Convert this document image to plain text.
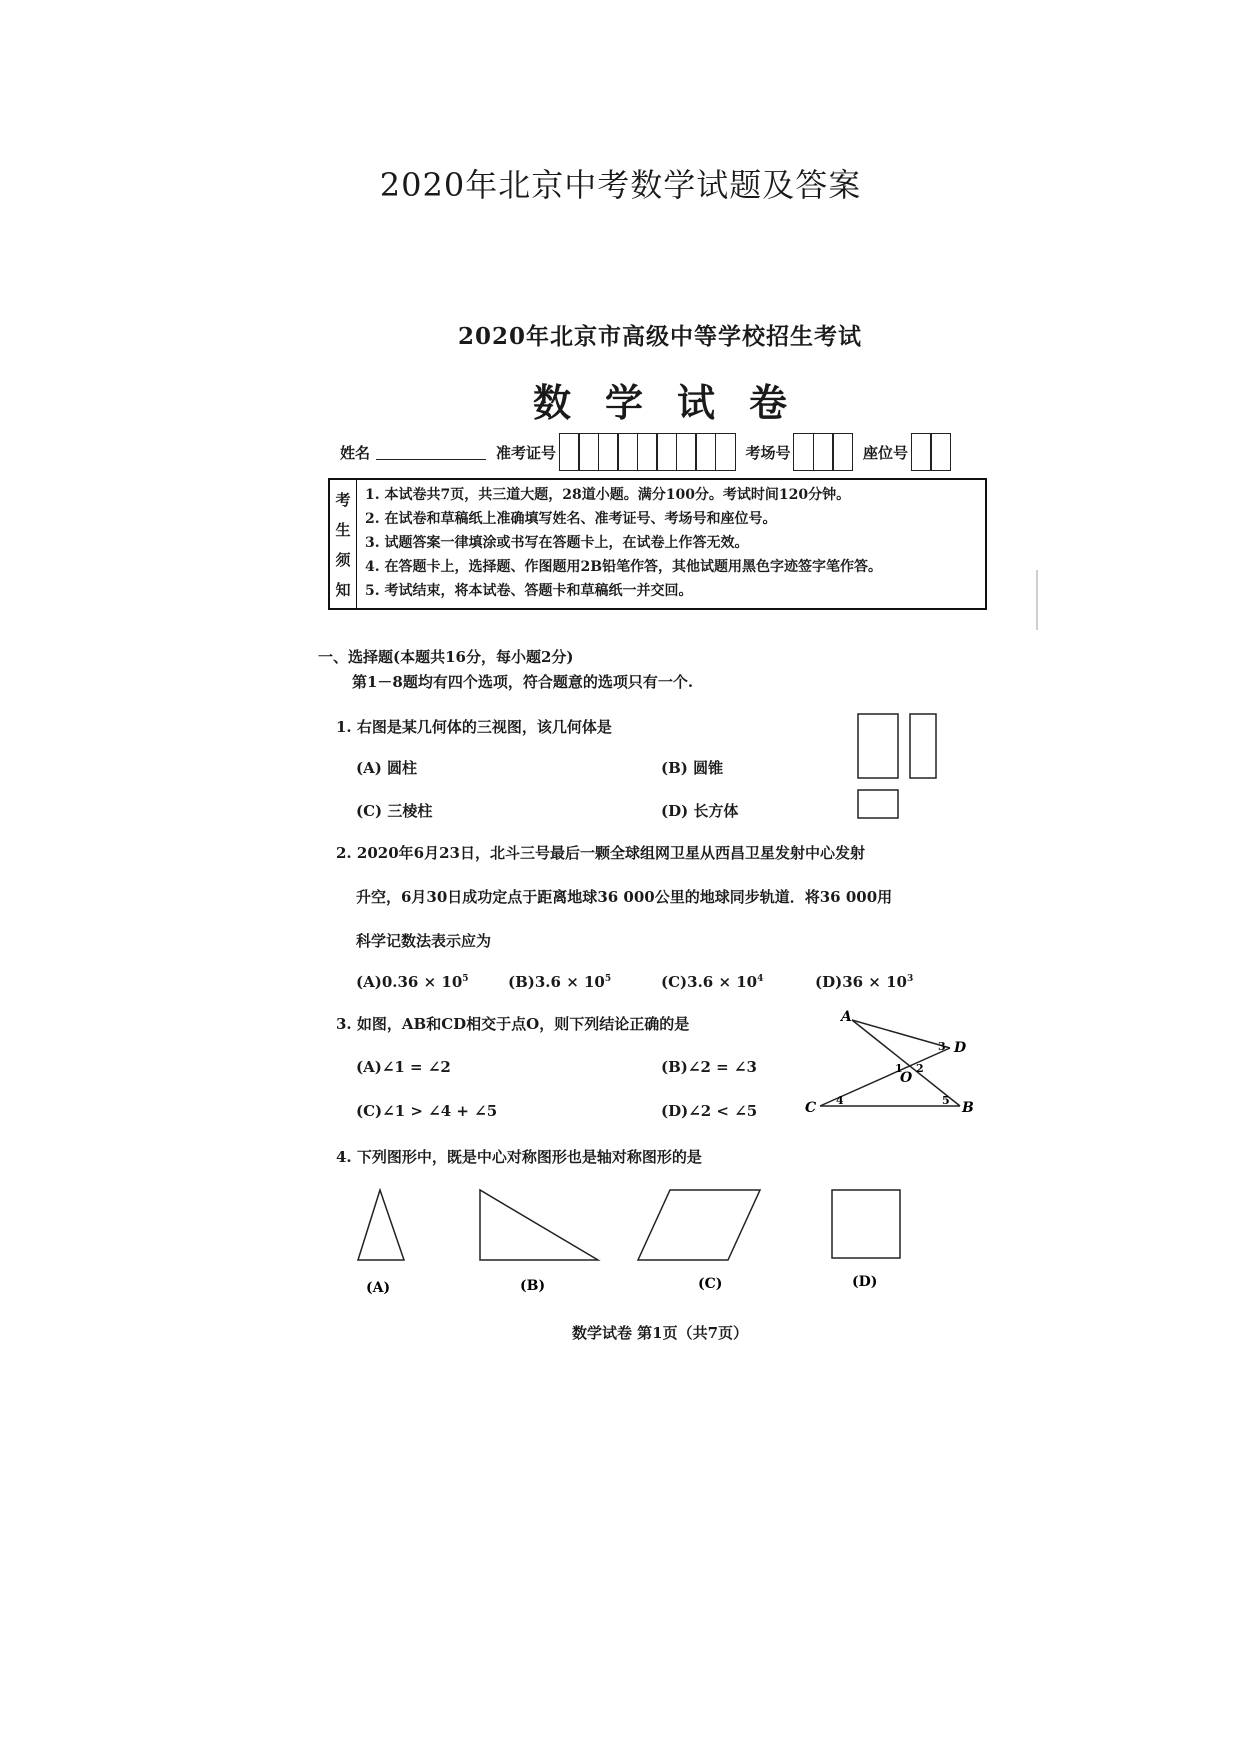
2020年北京中考数学试题及答案
2020年北京市高级中等学校招生考试
数学试卷
姓名	准考证号	考场号	座位号
考
生
须
知
1. 本试卷共7页，共三道大题，28道小题。满分100分。考试时间120分钟。
2. 在试卷和草稿纸上准确填写姓名、准考证号、考场号和座位号。
3. 试题答案一律填涂或书写在答题卡上，在试卷上作答无效。
4. 在答题卡上，选择题、作图题用2B铅笔作答，其他试题用黑色字迹签字笔作答。
5. 考试结束，将本试卷、答题卡和草稿纸一并交回。
一、选择题(本题共16分，每小题2分)
第1－8题均有四个选项，符合题意的选项只有一个.
1. 右图是某几何体的三视图，该几何体是
(A) 圆柱	(B) 圆锥
(C) 三棱柱	(D) 长方体
2. 2020年6月23日，北斗三号最后一颗全球组网卫星从西昌卫星发射中心发射
升空，6月30日成功定点于距离地球36 000公里的地球同步轨道．将36 000用
科学记数法表示应为
$(A)0.36 \times 10^5$	$(B)3.6 \times 10^5$	$(C)3.6 \times 10^4$	$(D)36 \times 10^3$
3. 如图，AB和CD相交于点O，则下列结论正确的是
(A)∠1 = ∠2	(B)∠2 = ∠3
(C)∠1 > ∠4 + ∠5	(D)∠2 < ∠5
A
D
C	B
O
1 2
3
4	5
4. 下列图形中，既是中心对称图形也是轴对称图形的是
(A)	(B)	(C)	(D)
数学试卷 第1页（共7页）
